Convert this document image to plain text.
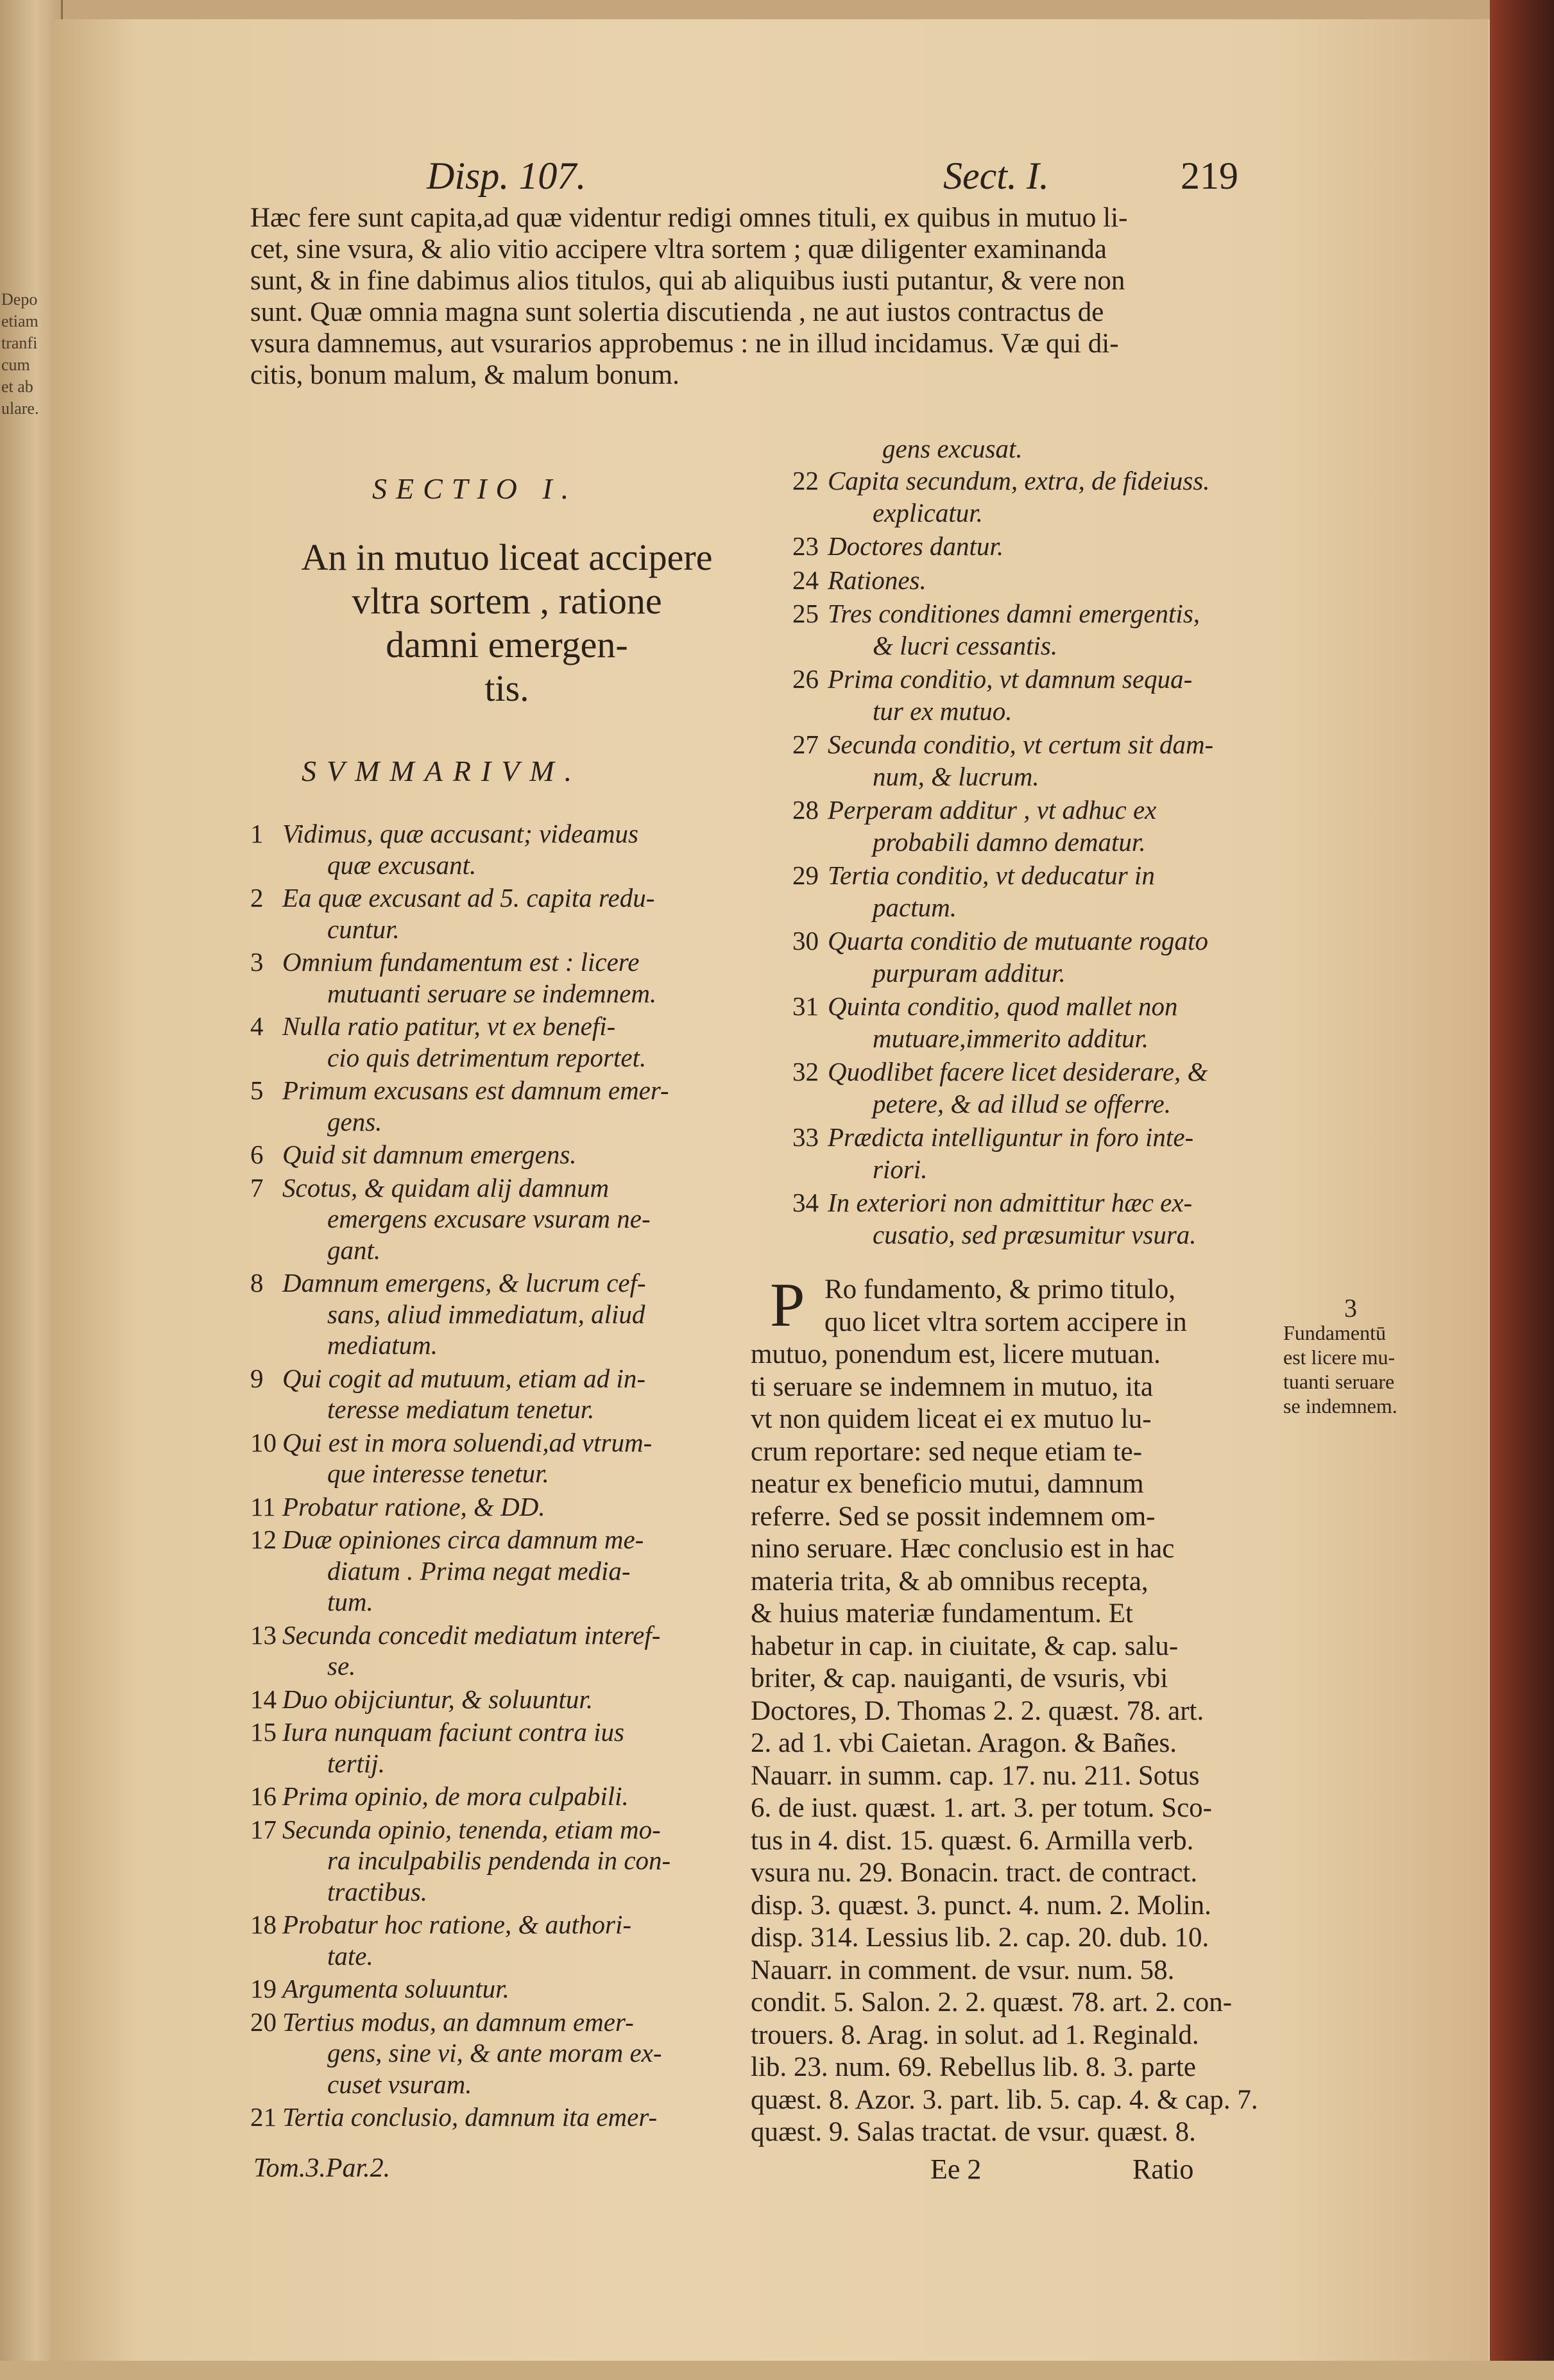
Depo
etiam
tranfi
cum
et ab
ulare.
Disp. 107.	Sect. I.	219
Hæc fere sunt capita,ad quæ videntur redigi omnes tituli, ex quibus in mutuo li-
cet, sine vsura, & alio vitio accipere vltra sortem ; quæ diligenter examinanda
sunt, & in fine dabimus alios titulos, qui ab aliquibus iusti putantur, & vere non
sunt. Quæ omnia magna sunt solertia discutienda , ne aut iustos contractus de
vsura damnemus, aut vsurarios approbemus : ne in illud incidamus. Væ qui di-
citis, bonum malum, & malum bonum.
SECTIO I.
An in mutuo liceat accipere
vltra sortem , ratione
damni emergen-
tis.
SVMMARIVM.
1 Vidimus, quæ accusant; videamus
quæ excusant.
2 Ea quæ excusant ad 5. capita redu-
cuntur.
3 Omnium fundamentum est : licere
mutuanti seruare se indemnem.
4 Nulla ratio patitur, vt ex benefi-
cio quis detrimentum reportet.
5 Primum excusans est damnum emer-
gens.
6 Quid sit damnum emergens.
7 Scotus, & quidam alij damnum
emergens excusare vsuram ne-
gant.
8 Damnum emergens, & lucrum cef-
sans, aliud immediatum, aliud
mediatum.
9 Qui cogit ad mutuum, etiam ad in-
teresse mediatum tenetur.
10 Qui est in mora soluendi,ad vtrum-
que interesse tenetur.
11 Probatur ratione, & DD.
12 Duæ opiniones circa damnum me-
diatum . Prima negat media-
tum.
13 Secunda concedit mediatum interef-
se.
14 Duo obijciuntur, & soluuntur.
15 Iura nunquam faciunt contra ius
tertij.
16 Prima opinio, de mora culpabili.
17 Secunda opinio, tenenda, etiam mo-
ra inculpabilis pendenda in con-
tractibus.
18 Probatur hoc ratione, & authori-
tate.
19 Argumenta soluuntur.
20 Tertius modus, an damnum emer-
gens, sine vi, & ante moram ex-
cuset vsuram.
21 Tertia conclusio, damnum ita emer-
gens excusat.
22 Capita secundum, extra, de fideiuss.
explicatur.
23 Doctores dantur.
24 Rationes.
25 Tres conditiones damni emergentis,
& lucri cessantis.
26 Prima conditio, vt damnum sequa-
tur ex mutuo.
27 Secunda conditio, vt certum sit dam-
num, & lucrum.
28 Perperam additur , vt adhuc ex
probabili damno dematur.
29 Tertia conditio, vt deducatur in
pactum.
30 Quarta conditio de mutuante rogato
purpuram additur.
31 Quinta conditio, quod mallet non
mutuare,immerito additur.
32 Quodlibet facere licet desiderare, &
petere, & ad illud se offerre.
33 Prædicta intelliguntur in foro inte-
riori.
34 In exteriori non admittitur hæc ex-
cusatio, sed præsumitur vsura.
P Ro fundamento, & primo titulo,
quo licet vltra sortem accipere in
mutuo, ponendum est, licere mutuan.
ti seruare se indemnem in mutuo, ita
vt non quidem liceat ei ex mutuo lu-
crum reportare: sed neque etiam te-
neatur ex beneficio mutui, damnum
referre. Sed se possit indemnem om-
nino seruare. Hæc conclusio est in hac
materia trita, & ab omnibus recepta,
& huius materiæ fundamentum. Et
habetur in cap. in ciuitate, & cap. salu-
briter, & cap. nauiganti, de vsuris, vbi
Doctores, D. Thomas 2. 2. quæst. 78. art.
2. ad 1. vbi Caietan. Aragon. & Bañes.
Nauarr. in summ. cap. 17. nu. 211. Sotus
6. de iust. quæst. 1. art. 3. per totum. Sco-
tus in 4. dist. 15. quæst. 6. Armilla verb.
vsura nu. 29. Bonacin. tract. de contract.
disp. 3. quæst. 3. punct. 4. num. 2. Molin.
disp. 314. Lessius lib. 2. cap. 20. dub. 10.
Nauarr. in comment. de vsur. num. 58.
condit. 5. Salon. 2. 2. quæst. 78. art. 2. con-
trouers. 8. Arag. in solut. ad 1. Reginald.
lib. 23. num. 69. Rebellus lib. 8. 3. parte
quæst. 8. Azor. 3. part. lib. 5. cap. 4. & cap. 7.
quæst. 9. Salas tractat. de vsur. quæst. 8.
3
Fundamentū
est licere mu-
tuanti seruare
se indemnem.
Tom.3.Par.2.	Ee 2	Ratio
